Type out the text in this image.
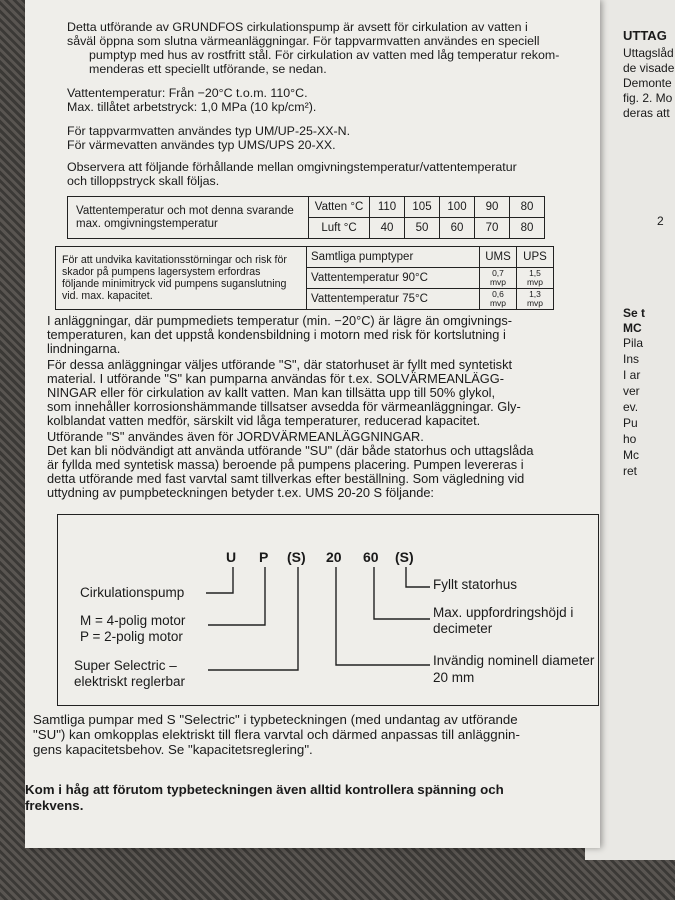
UTTAG
Uttagslåd
de visade
Demonte
fig. 2. Mo
deras att
2
Se t
MC
Pila
Ins
I ar
ver
ev.
Pu
ho
Mc
ret

Detta utförande av GRUNDFOS cirkulationspump är avsett för cirkulation av vatten i

såväl öppna som slutna värmeanläggningar. För tappvarmvatten användes en speciell

pumptyp med hus av rostfritt stål. För cirkulation av vatten med låg temperatur rekom-

menderas ett speciellt utförande, se nedan.

Vattentemperatur: Från −20°C t.o.m. 110°C.

Max. tillåtet arbetstryck: 1,0 MPa (10 kp/cm²).

För tappvarmvatten användes typ UM/UP-25-XX-N.

För värmevatten användes typ UMS/UPS 20-XX.

Observera att följande förhållande mellan omgivningstemperatur/vattentemperatur

och tilloppstryck skall följas.

Vattentemperatur och mot denna svarande max. omgivningstemperatur	Vatten °C	110	105	100	90	80
	Luft °C	40	50	60	70	80
För att undvika kavitationsstörningar och risk för skador på pumpens lagersystem erfordras följande minimitryck vid pumpens suganslutning vid. max. kapacitet.	Samtliga pumptyper	UMS	UPS
	Vattentemperatur 90°C	0,7 mvp	1,5 mvp
	Vattentemperatur 75°C	0,6 mvp	1,3 mvp

I anläggningar, där pumpmediets temperatur (min. −20°C) är lägre än omgivnings-

temperaturen, kan det uppstå kondensbildning i motorn med risk för kortslutning i

lindningarna.

För dessa anläggningar väljes utförande "S", där statorhuset är fyllt med syntetiskt

material. I utförande "S" kan pumparna användas för t.ex. SOLVÄRMEANLÄGG-

NINGAR eller för cirkulation av kallt vatten. Man kan tillsätta upp till 50% glykol,

som innehåller korrosionshämmande tillsatser avsedda för värmeanläggningar. Gly-

kolblandat vatten medför, särskilt vid låga temperaturer, reducerad kapacitet.

Utförande "S" användes även för JORDVÄRMEANLÄGGNINGAR.

Det kan bli nödvändigt att använda utförande "SU" (där både statorhus och uttagslåda

är fyllda med syntetisk massa) beroende på pumpens placering. Pumpen levereras i

detta utförande med fast varvtal samt tillverkas efter beställning. Som vägledning vid

uttydning av pumpbeteckningen betyder t.ex. UMS 20-20 S följande:

U P (S) 20 60 (S)
Cirkulationspump
M = 4-polig motor
P = 2-polig motor
Super Selectric –
elektriskt reglerbar
Fyllt statorhus
Max. uppfordringshöjd i
decimeter
Invändig nominell diameter
20 mm

Samtliga pumpar med S "Selectric" i typbeteckningen (med undantag av utförande

"SU") kan omkopplas elektriskt till flera varvtal och därmed anpassas till anläggnin-

gens kapacitetsbehov. Se "kapacitetsreglering".

Kom i håg att förutom typbeteckningen även alltid kontrollera spänning och

frekvens.
